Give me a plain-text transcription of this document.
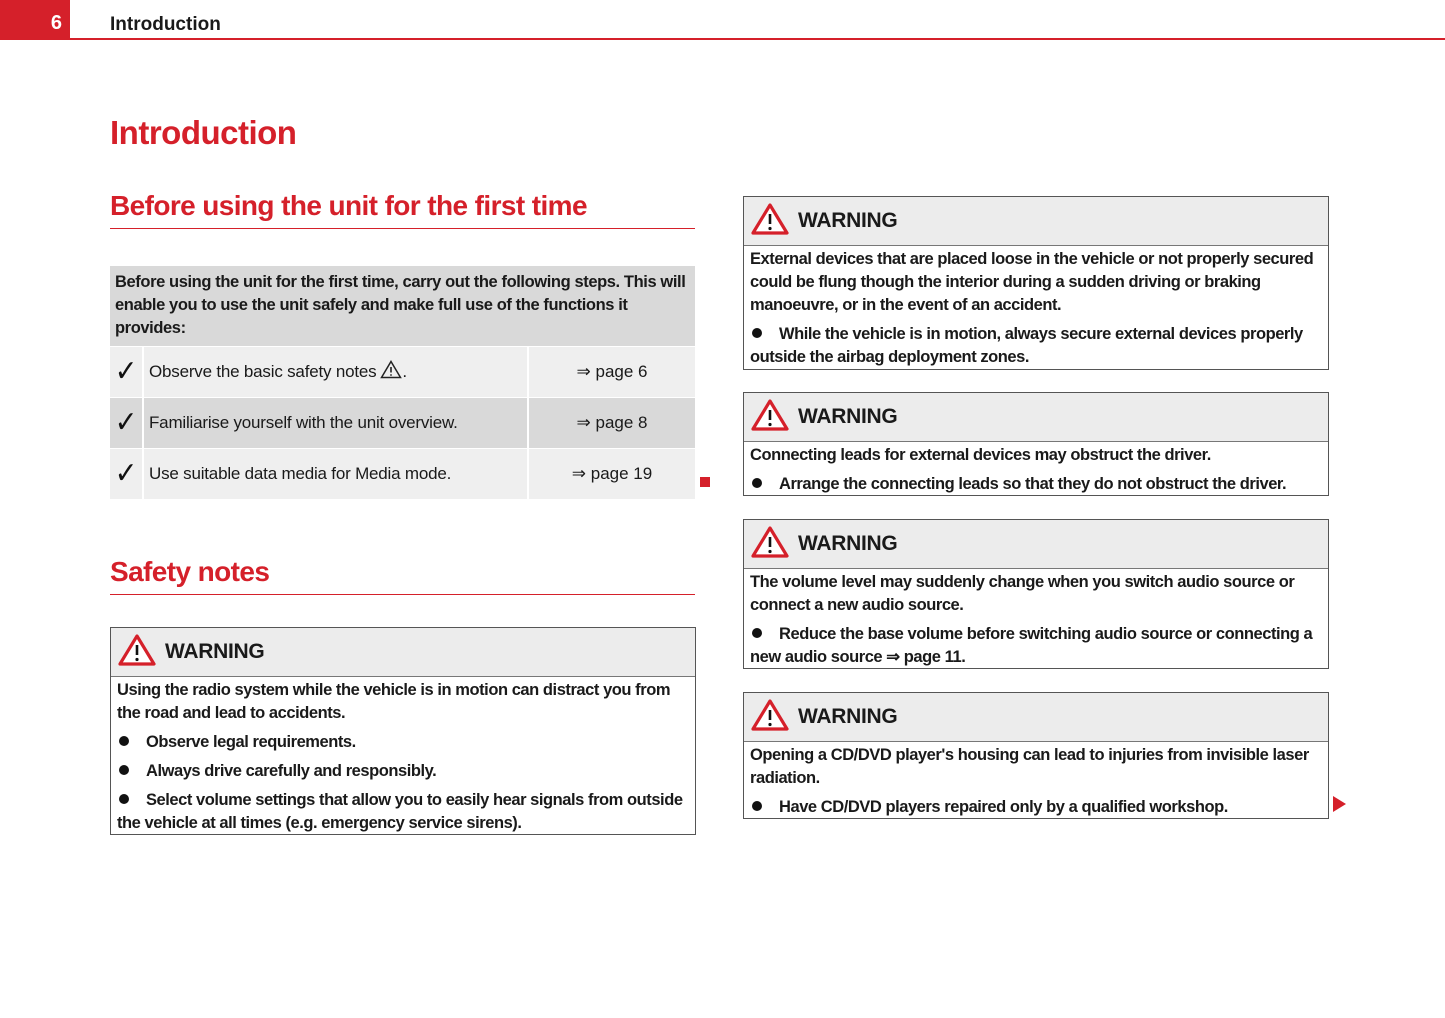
6	Introduction
Introduction
Before using the unit for the first time
Before using the unit for the first time, carry out the following steps. This will enable you to use the unit safely and make full use of the functions it provides:
✓ Observe the basic safety notes .	⇒ page 6
✓ Familiarise yourself with the unit overview.	⇒ page 8
✓ Use suitable data media for Media mode.	⇒ page 19
Safety notes
WARNING

Using the radio system while the vehicle is in motion can distract you from the road and lead to accidents.

Observe legal requirements.

Always drive carefully and responsibly.

Select volume settings that allow you to easily hear signals from outside the vehicle at all times (e.g. emergency service sirens).

WARNING

External devices that are placed loose in the vehicle or not properly secured could be flung though the interior during a sudden driving or braking manoeuvre, or in the event of an accident.

While the vehicle is in motion, always secure external devices properly outside the airbag deployment zones.

WARNING

Connecting leads for external devices may obstruct the driver.

Arrange the connecting leads so that they do not obstruct the driver.

WARNING

The volume level may suddenly change when you switch audio source or connect a new audio source.

Reduce the base volume before switching audio source or connecting a new audio source ⇒ page 11.

WARNING

Opening a CD/DVD player's housing can lead to injuries from invisible laser radiation.

Have CD/DVD players repaired only by a qualified workshop.
